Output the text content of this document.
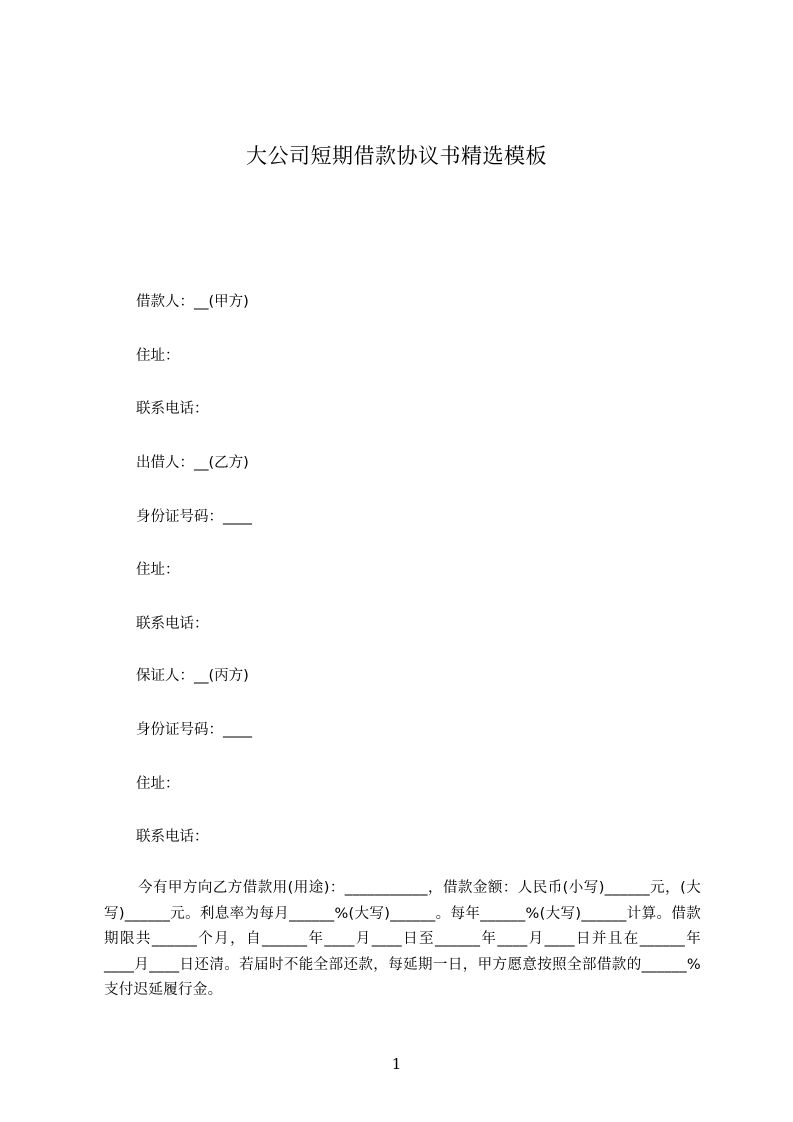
大公司短期借款协议书精选模板
借款人：__(甲方)
住址：
联系电话：
出借人：__(乙方)
身份证号码：____
住址：
联系电话：
保证人：__(丙方)
身份证号码：____
住址：
联系电话：
今有甲方向乙方借款用(用途)：___________，借款金额：人民币(小写)______元，(大写)______元。利息率为每月______%(大写)______。每年______%(大写)______计算。借款期限共______个月，自______年____月____日至______年____月____日并且在______年____月____日还清。若届时不能全部还款，每延期一日，甲方愿意按照全部借款的______%支付迟延履行金。
1
